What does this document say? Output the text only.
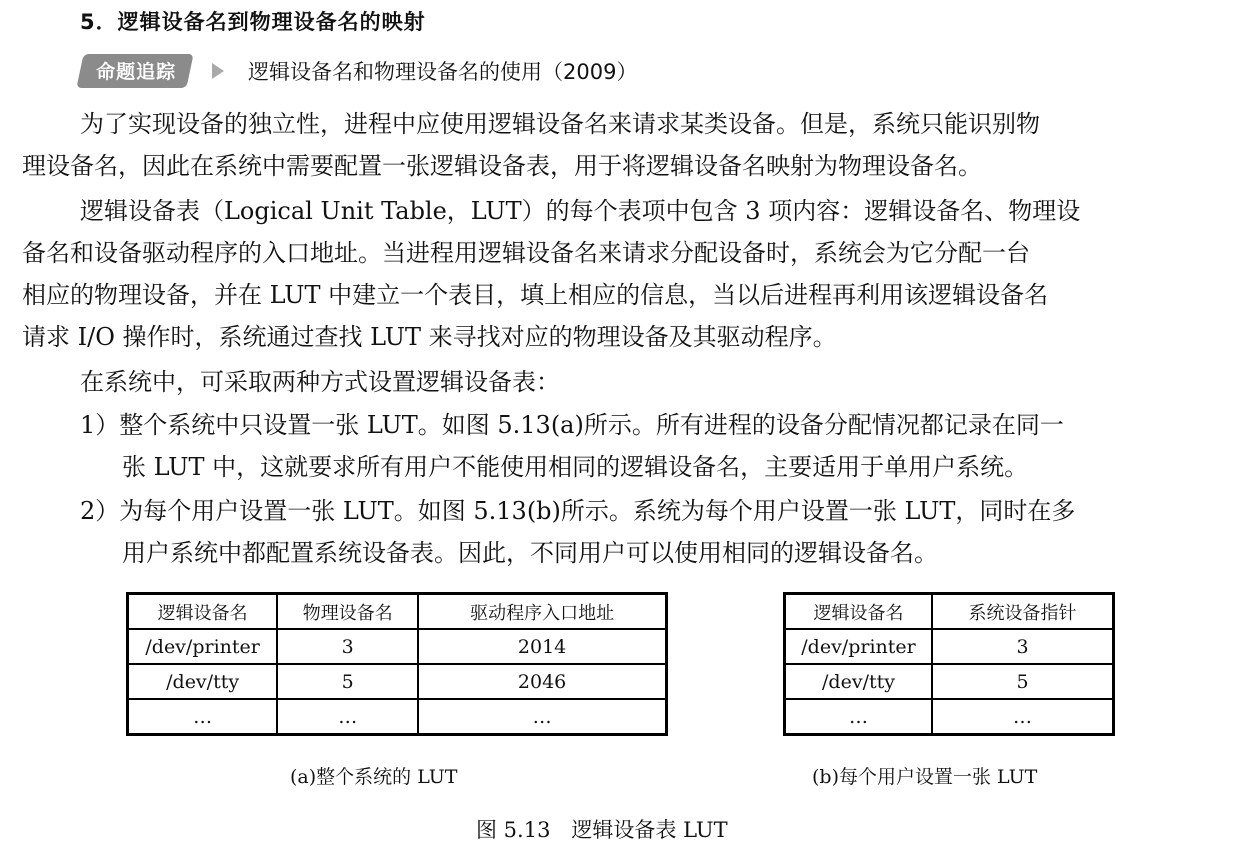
5．逻辑设备名到物理设备名的映射
命题追踪	逻辑设备名和物理设备名的使用（2009）
为了实现设备的独立性，进程中应使用逻辑设备名来请求某类设备。但是，系统只能识别物
理设备名，因此在系统中需要配置一张逻辑设备表，用于将逻辑设备名映射为物理设备名。
逻辑设备表（Logical Unit Table，LUT）的每个表项中包含 3 项内容：逻辑设备名、物理设
备名和设备驱动程序的入口地址。当进程用逻辑设备名来请求分配设备时，系统会为它分配一台
相应的物理设备，并在 LUT 中建立一个表目，填上相应的信息，当以后进程再利用该逻辑设备名
请求 I/O 操作时，系统通过查找 LUT 来寻找对应的物理设备及其驱动程序。
在系统中，可采取两种方式设置逻辑设备表：
1）整个系统中只设置一张 LUT。如图 5.13(a)所示。所有进程的设备分配情况都记录在同一
张 LUT 中，这就要求所有用户不能使用相同的逻辑设备名，主要适用于单用户系统。
2）为每个用户设置一张 LUT。如图 5.13(b)所示。系统为每个用户设置一张 LUT，同时在多
用户系统中都配置系统设备表。因此，不同用户可以使用相同的逻辑设备名。
逻辑设备名	物理设备名	驱动程序入口地址
/dev/printer	3	2014
/dev/tty	5	2046
…	…	…
逻辑设备名	系统设备指针
/dev/printer	3
/dev/tty	5
…	…
(a)整个系统的 LUT	(b)每个用户设置一张 LUT
图 5.13　逻辑设备表 LUT
